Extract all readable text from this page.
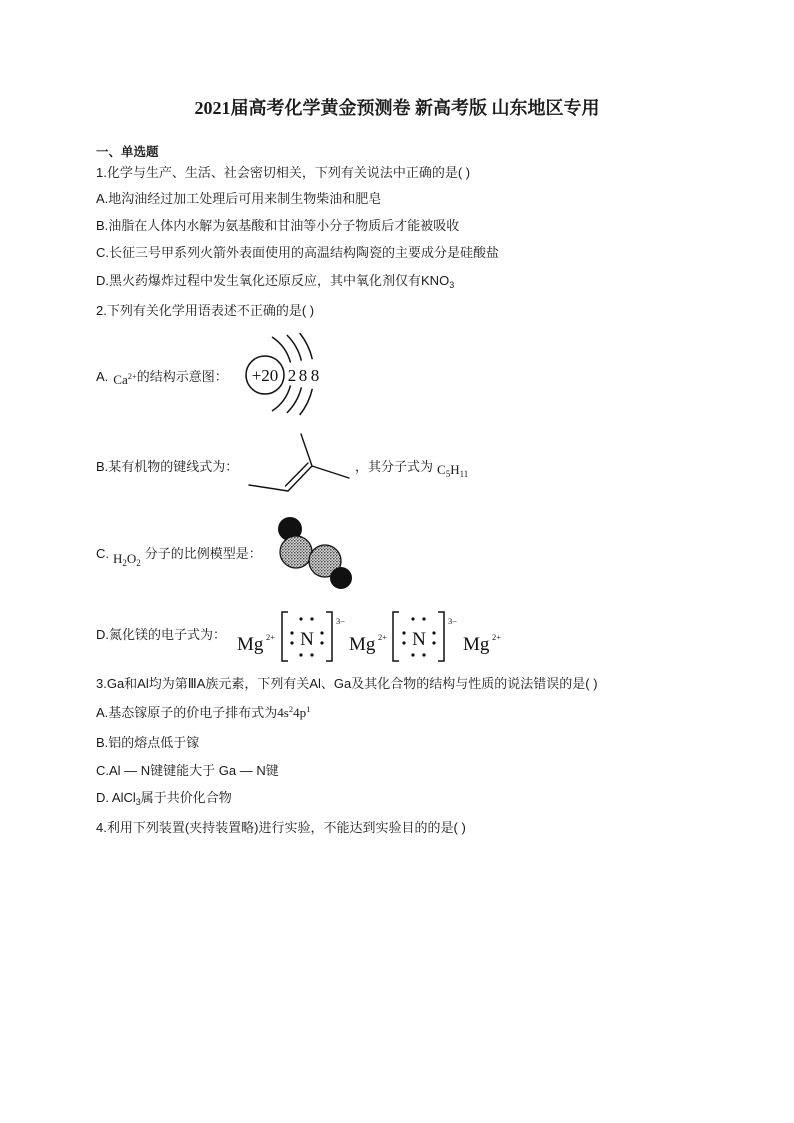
2021届高考化学黄金预测卷 新高考版 山东地区专用
一、单选题
1.化学与生产、生活、社会密切相关，下列有关说法中正确的是( )
A.地沟油经过加工处理后可用来制生物柴油和肥皂
B.油脂在人体内水解为氨基酸和甘油等小分子物质后才能被吸收
C.长征三号甲系列火箭外表面使用的高温结构陶瓷的主要成分是硅酸盐
D.黑火药爆炸过程中发生氧化还原反应，其中氧化剂仅有$KNO_3$
2.下列有关化学用语表述不正确的是( )
A. $Ca^{2+}$的结构示意图：
B.某有机物的键线式为：	，其分子式为 $C_5H_{11}$
C. $H_2O_2$分子的比例模型是：
D.氮化镁的电子式为：
3.Ga和Al均为第ⅢA族元素，下列有关Al、Ga及其化合物的结构与性质的说法错误的是( )
A.基态镓原子的价电子排布式为$4s^24p^1$
B.铝的熔点低于镓
C.Al — N键键能大于 Ga — N键
D. AlCl$_3$属于共价化合物
4.利用下列装置(夹持装置略)进行实验，不能达到实验目的的是( )
+20 2 8 8
Mg 2+ N
3−
Mg 2+ N
3−
Mg 2+
